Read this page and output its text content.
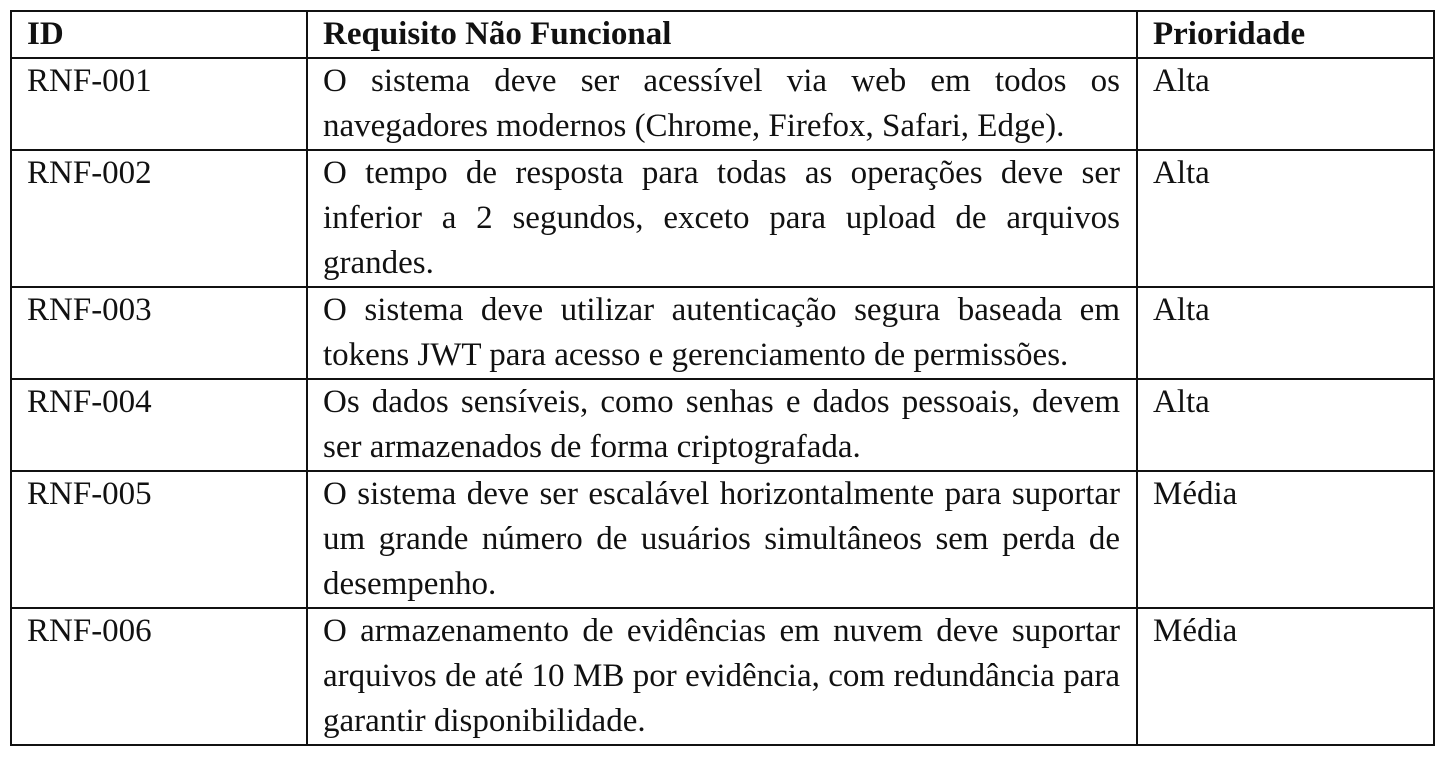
ID	Requisito Não Funcional	Prioridade
RNF-001	O sistema deve ser acessível via web em todos os navegadores modernos (Chrome, Firefox, Safari, Edge).	Alta
RNF-002	O tempo de resposta para todas as operações deve ser inferior a 2 segundos, exceto para upload de arquivos grandes.	Alta
RNF-003	O sistema deve utilizar autenticação segura baseada em tokens JWT para acesso e gerenciamento de permissões.	Alta
RNF-004	Os dados sensíveis, como senhas e dados pessoais, devem ser armazenados de forma criptografada.	Alta
RNF-005	O sistema deve ser escalável horizontalmente para suportar um grande número de usuários simultâneos sem perda de desempenho.	Média
RNF-006	O armazenamento de evidências em nuvem deve suportar arquivos de até 10 MB por evidência, com redundância para garantir disponibilidade.	Média
